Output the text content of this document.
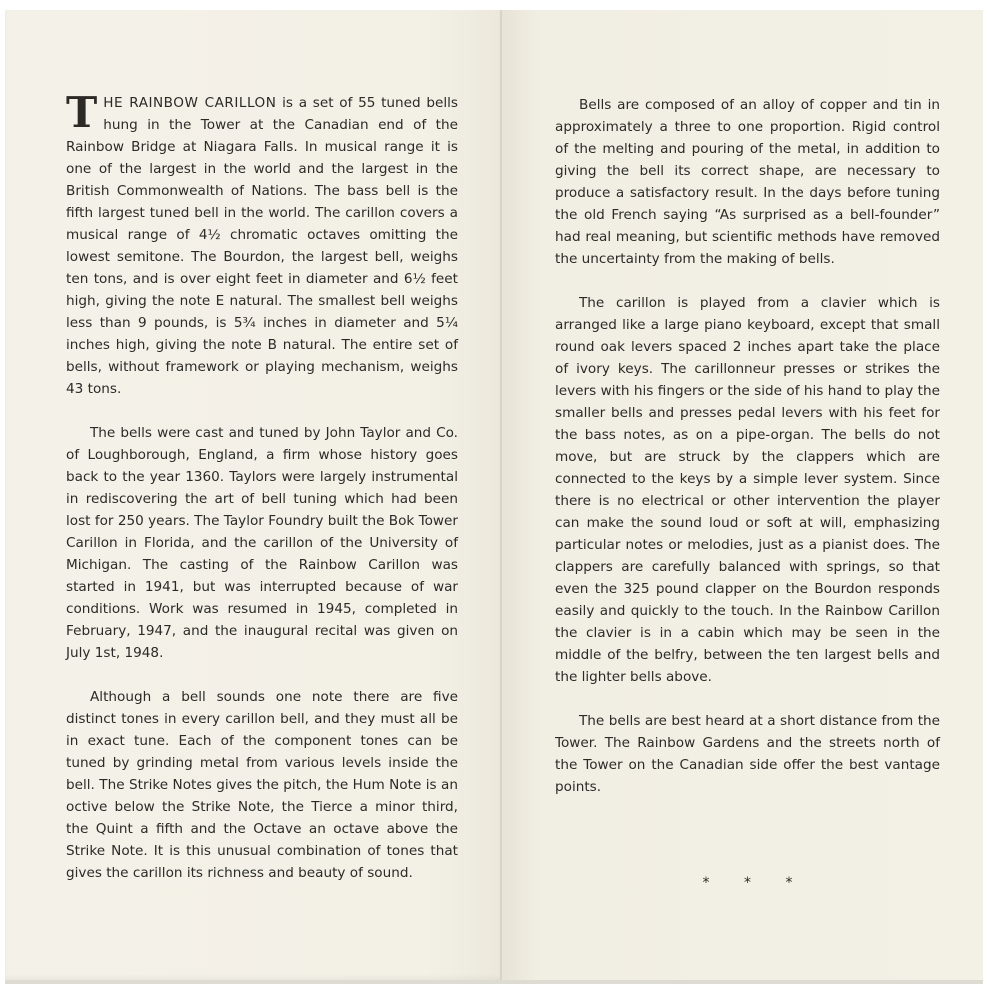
THE RAINBOW CARILLON is a set of 55 tuned bells hung in the Tower at the Canadian end of the Rainbow Bridge at Niagara Falls. In musical range it is one of the largest in the world and the largest in the British Commonwealth of Nations. The bass bell is the fifth largest tuned bell in the world. The carillon covers a musical range of 4½ chromatic octaves omitting the lowest semitone. The Bourdon, the largest bell, weighs ten tons, and is over eight feet in diameter and 6½ feet high, giving the note E natural. The smallest bell weighs less than 9 pounds, is 5¾ inches in diameter and 5¼ inches high, giving the note B natural. The entire set of bells, without framework or playing mechanism, weighs 43 tons.

The bells were cast and tuned by John Taylor and Co. of Loughborough, England, a firm whose history goes back to the year 1360. Taylors were largely instrumental in rediscovering the art of bell tuning which had been lost for 250 years. The Taylor Foundry built the Bok Tower Carillon in Florida, and the carillon of the University of Michigan. The casting of the Rainbow Carillon was started in 1941, but was interrupted because of war conditions. Work was resumed in 1945, completed in February, 1947, and the inaugural recital was given on July 1st, 1948.

Although a bell sounds one note there are five distinct tones in every carillon bell, and they must all be in exact tune. Each of the component tones can be tuned by grinding metal from various levels inside the bell. The Strike Notes gives the pitch, the Hum Note is an octive below the Strike Note, the Tierce a minor third, the Quint a fifth and the Octave an octave above the Strike Note. It is this unusual combination of tones that gives the carillon its richness and beauty of sound.

Bells are composed of an alloy of copper and tin in approximately a three to one proportion. Rigid control of the melting and pouring of the metal, in addition to giving the bell its correct shape, are necessary to produce a satisfactory result. In the days before tuning the old French saying “As surprised as a bell-founder” had real meaning, but scientific methods have removed the uncertainty from the making of bells.

The carillon is played from a clavier which is arranged like a large piano keyboard, except that small round oak levers spaced 2 inches apart take the place of ivory keys. The carillonneur presses or strikes the levers with his fingers or the side of his hand to play the smaller bells and presses pedal levers with his feet for the bass notes, as on a pipe-organ. The bells do not move, but are struck by the clappers which are connected to the keys by a simple lever system. Since there is no electrical or other intervention the player can make the sound loud or soft at will, emphasizing particular notes or melodies, just as a pianist does. The clappers are carefully balanced with springs, so that even the 325 pound clapper on the Bourdon responds easily and quickly to the touch. In the Rainbow Carillon the clavier is in a cabin which may be seen in the middle of the belfry, between the ten largest bells and the lighter bells above.

The bells are best heard at a short distance from the Tower. The Rainbow Gardens and the streets north of the Tower on the Canadian side offer the best vantage points.

* * *
